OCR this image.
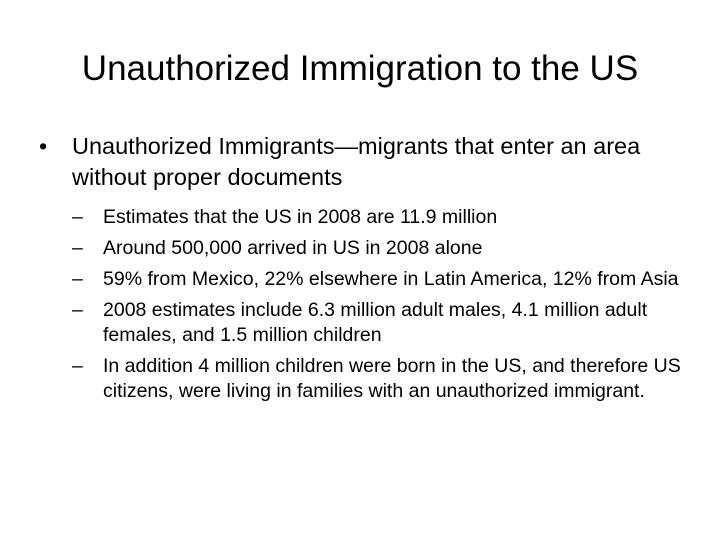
Unauthorized Immigration to the US
• Unauthorized Immigrants—migrants that enter an area without proper documents
– Estimates that the US in 2008 are 11.9 million
– Around 500,000 arrived in US in 2008 alone
– 59% from Mexico, 22% elsewhere in Latin America, 12% from Asia
– 2008 estimates include 6.3 million adult males, 4.1 million adult females, and 1.5 million children
– In addition 4 million children were born in the US, and therefore US citizens, were living in families with an unauthorized immigrant.
